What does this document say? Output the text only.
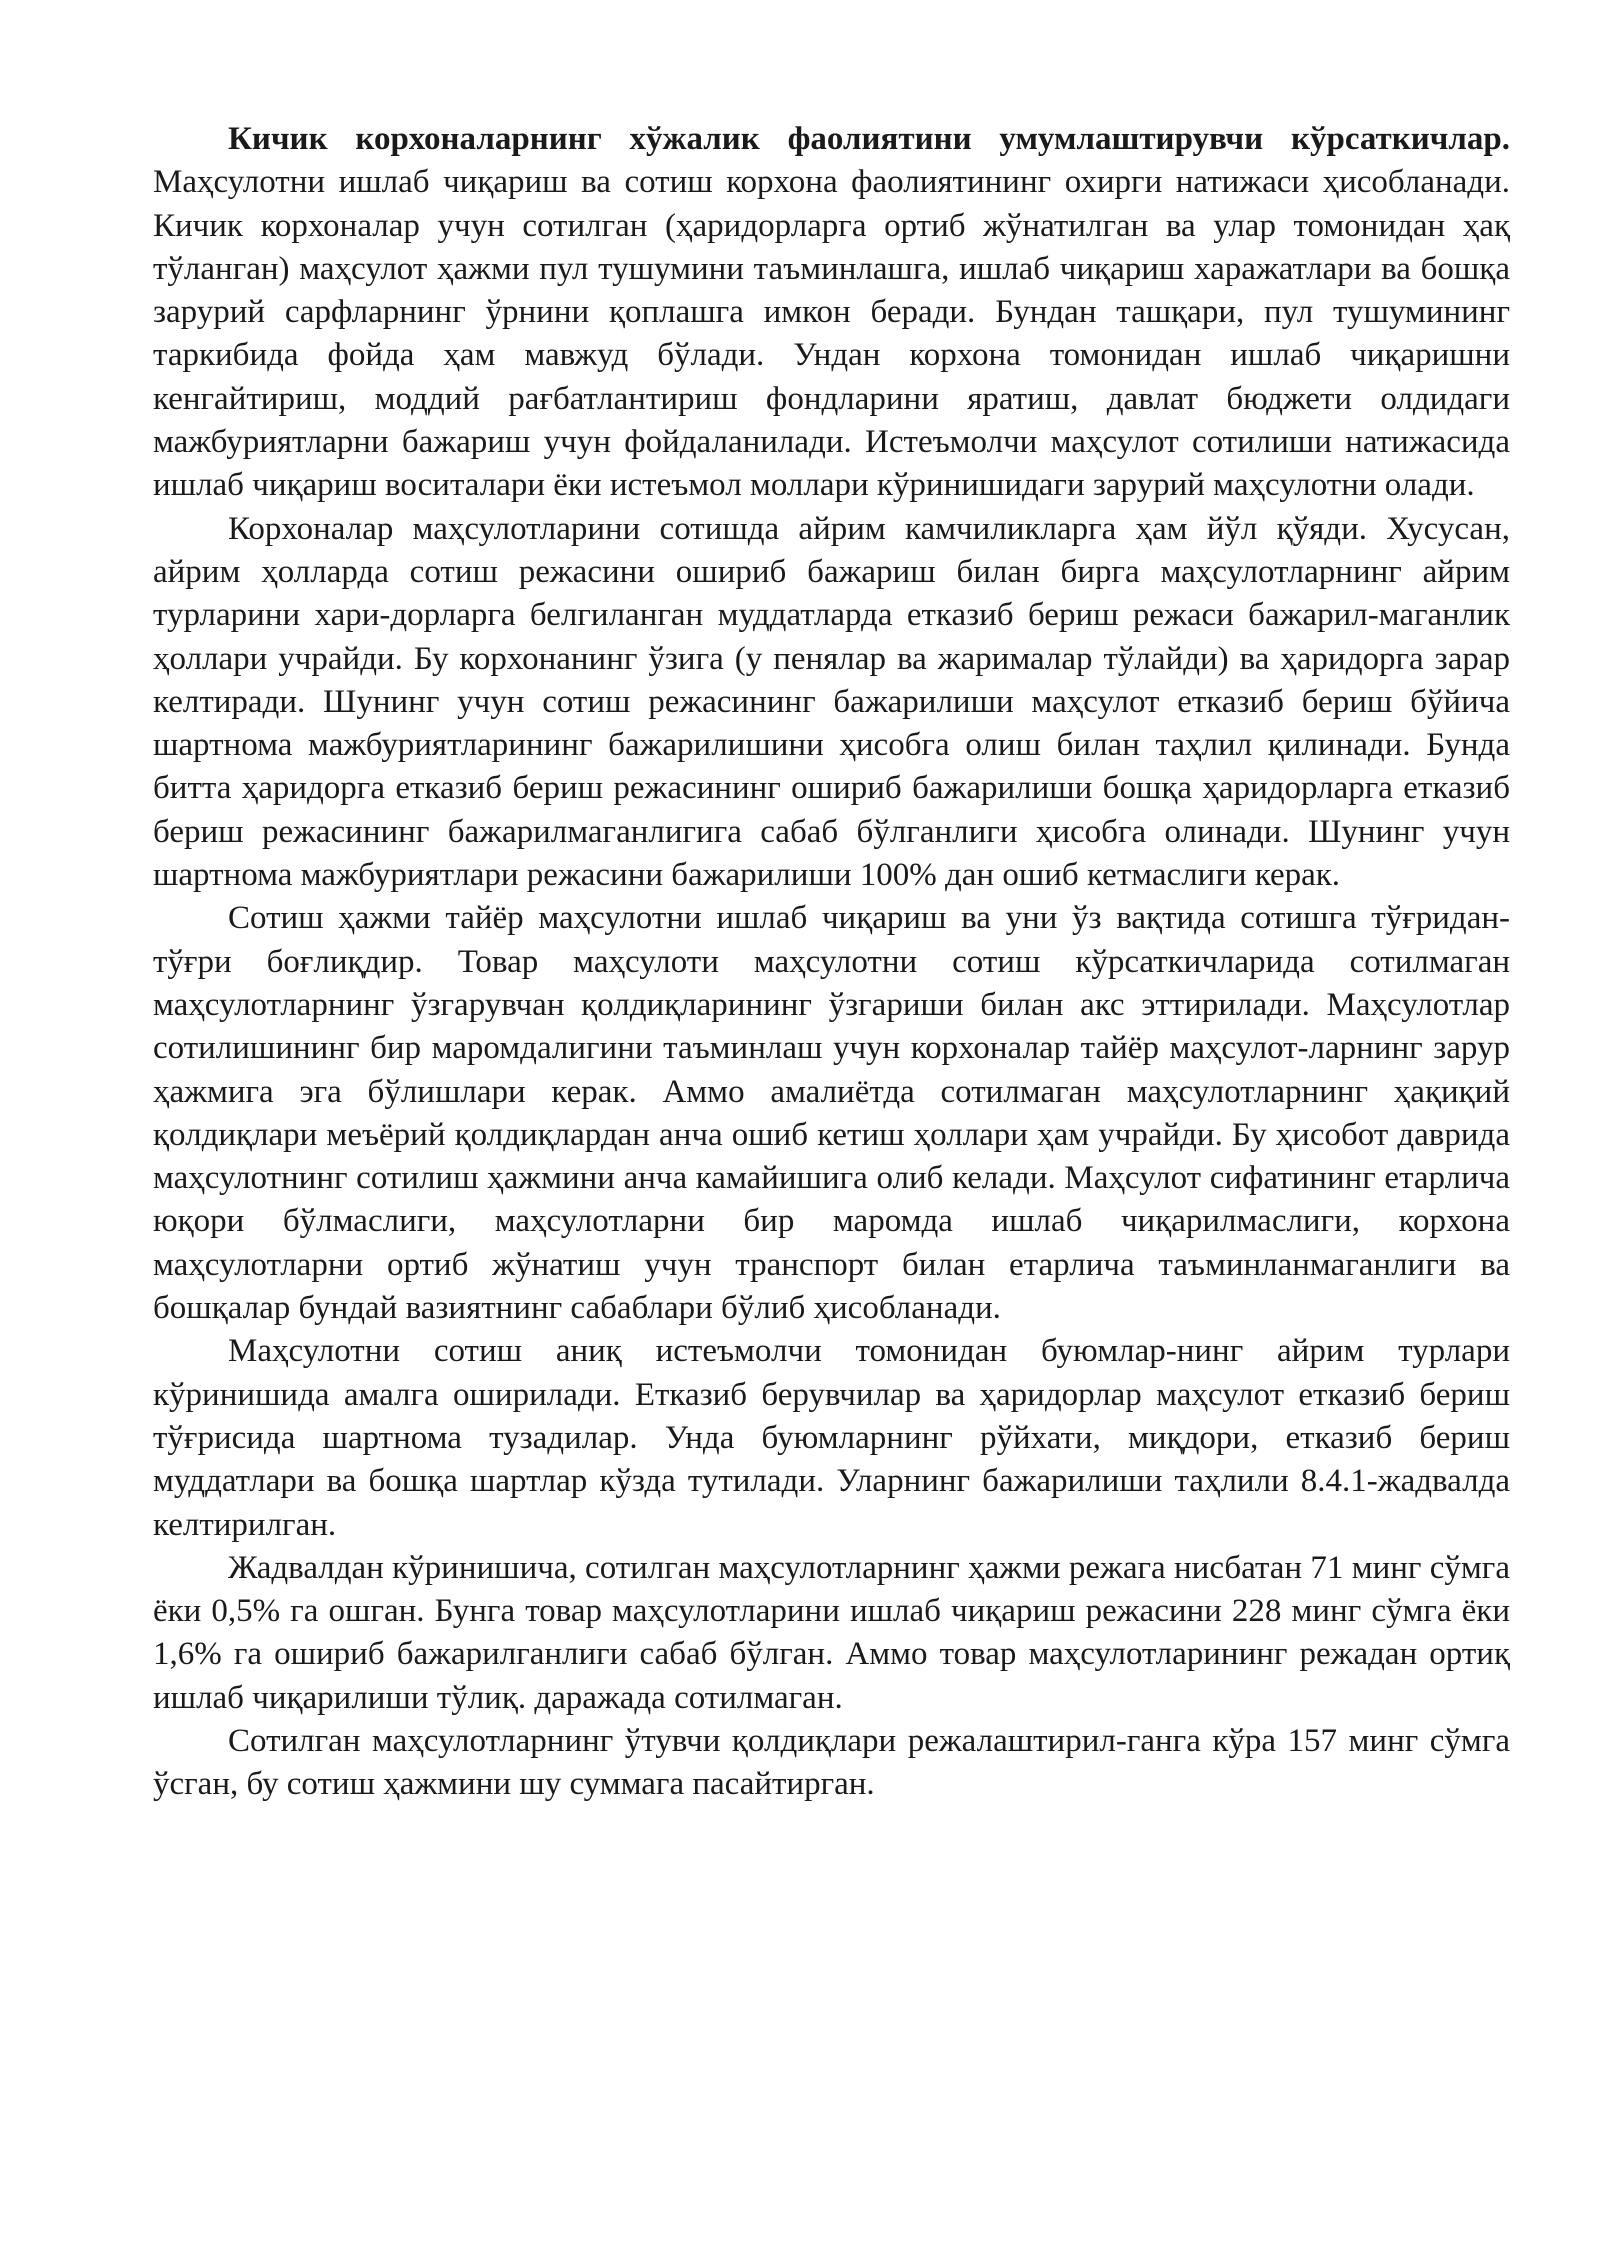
Кичик корхоналарнинг хўжалик фаолиятини умумлаштирувчи кўрсаткичлар. Маҳсулотни ишлаб чиқариш ва сотиш корхона фаолиятининг охирги натижаси ҳисобланади. Кичик корхоналар учун сотилган (ҳаридорларга ортиб жўнатилган ва улар томонидан ҳақ тўланган) маҳсулот ҳажми пул тушумини таъминлашга, ишлаб чиқариш харажатлари ва бошқа зарурий сарфларнинг ўрнини қоплашга имкон беради. Бундан ташқари, пул тушумининг таркибида фойда ҳам мавжуд бўлади. Ундан корхона томонидан ишлаб чиқаришни кенгайтириш, моддий рағбатлантириш фондларини яратиш, давлат бюджети олдидаги мажбуриятларни бажариш учун фойдаланилади. Истеъмолчи маҳсулот сотилиши натижасида ишлаб чиқариш воситалари ёки истеъмол моллари кўринишидаги зарурий маҳсулотни олади.

Корхоналар маҳсулотларини сотишда айрим камчиликларга ҳам йўл қўяди. Хусусан, айрим ҳолларда сотиш режасини ошириб бажариш билан бирга маҳсулотларнинг айрим турларини хари-дорларга белгиланган муддатларда етказиб бериш режаси бажарил-маганлик ҳоллари учрайди. Бу корхонанинг ўзига (у пенялар ва жарималар тўлайди) ва ҳаридорга зарар келтиради. Шунинг учун сотиш режасининг бажарилиши маҳсулот етказиб бериш бўйича шартнома мажбуриятларининг бажарилишини ҳисобга олиш билан таҳлил қилинади. Бунда битта ҳаридорга етказиб бериш режасининг ошириб бажарилиши бошқа ҳаридорларга етказиб бериш режасининг бажарилмаганлигига сабаб бўлганлиги ҳисобга олинади. Шунинг учун шартнома мажбуриятлари режасини бажарилиши 100% дан ошиб кетмаслиги керак.

Сотиш ҳажми тайёр маҳсулотни ишлаб чиқариш ва уни ўз вақтида сотишга тўғридан-тўғри боғлиқдир. Товар маҳсулоти маҳсулотни сотиш кўрсаткичларида сотилмаган маҳсулотларнинг ўзгарувчан қолдиқларининг ўзгариши билан акс эттирилади. Маҳсулотлар сотилишининг бир маромдалигини таъминлаш учун корхоналар тайёр маҳсулот-ларнинг зарур ҳажмига эга бўлишлари керак. Аммо амалиётда сотилмаган маҳсулотларнинг ҳақиқий қолдиқлари меъёрий қолдиқлардан анча ошиб кетиш ҳоллари ҳам учрайди. Бу ҳисобот даврида маҳсулотнинг сотилиш ҳажмини анча камайишига олиб келади. Маҳсулот сифатининг етарлича юқори бўлмаслиги, маҳсулотларни бир маромда ишлаб чиқарилмаслиги, корхона маҳсулотларни ортиб жўнатиш учун транспорт билан етарлича таъминланмаганлиги ва бошқалар бундай вазиятнинг сабаблари бўлиб ҳисобланади.

Маҳсулотни сотиш аниқ истеъмолчи томонидан буюмлар-нинг айрим турлари кўринишида амалга оширилади. Етказиб берувчилар ва ҳаридорлар маҳсулот етказиб бериш тўғрисида шартнома тузадилар. Унда буюмларнинг рўйхати, миқдори, етказиб бериш муддатлари ва бошқа шартлар кўзда тутилади. Уларнинг бажарилиши таҳлили 8.4.1-жадвалда келтирилган.

Жадвалдан кўринишича, сотилган маҳсулотларнинг ҳажми режага нисбатан 71 минг сўмга ёки 0,5% га ошган. Бунга товар маҳсулотларини ишлаб чиқариш режасини 228 минг сўмга ёки 1,6% га ошириб бажарилганлиги сабаб бўлган. Аммо товар маҳсулотларининг режадан ортиқ ишлаб чиқарилиши тўлиқ. даражада сотилмаган.

Сотилган маҳсулотларнинг ўтувчи қолдиқлари режалаштирил-ганга кўра 157 минг сўмга ўсган, бу сотиш ҳажмини шу суммага пасайтирган.
